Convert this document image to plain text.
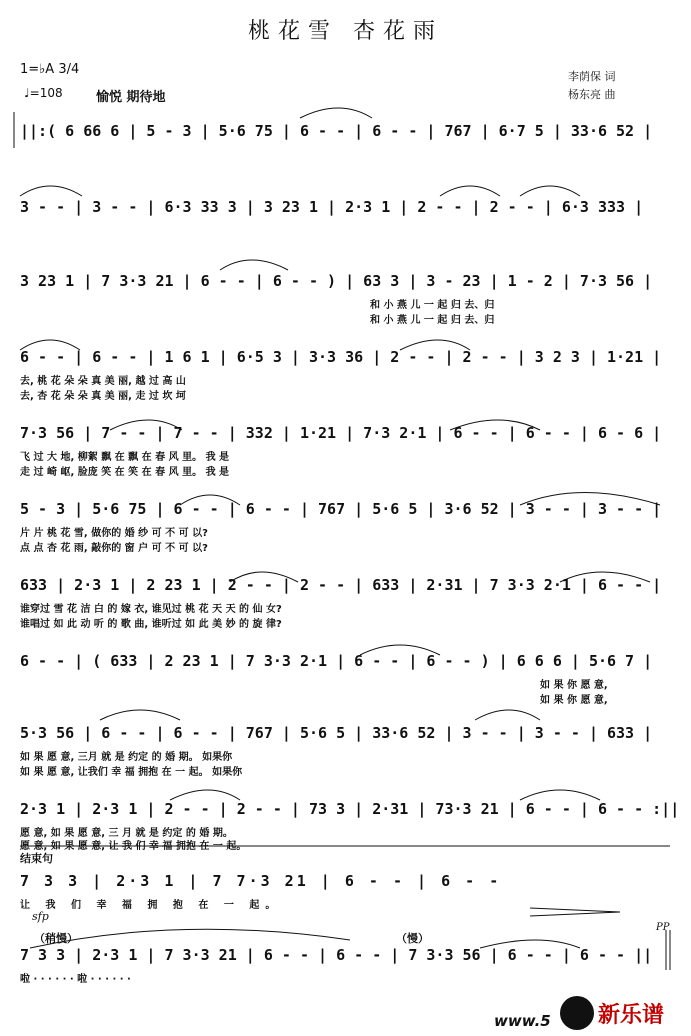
桃花雪 杏花雨
1=♭A 3/4
♩=108	愉悦 期待地
李荫保 词
杨东亮 曲
||:( 6 66 6 | 5 - 3 | 5·6 75 | 6 - - | 6 - - | 767 | 6·7 5 | 33·6 52 |
3 - - | 3 - - | 6·3 33 3 | 3 23 1 | 2·3 1 | 2 - - | 2 - - | 6·3 333 |
3 23 1 | 7 3·3 21 | 6 - - | 6 - - ) | 63 3 | 3 - 23 | 1 - 2 | 7·3 56 |
和 小 燕 儿 一 起 归 去、归
和 小 燕 儿 一 起 归 去、归
6 - - | 6 - - | 1 6 1 | 6·5 3 | 3·3 36 | 2 - - | 2 - - | 3 2 3 | 1·21 |
去, 桃 花 朵 朵 真 美 丽, 越 过 高 山
去, 杏 花 朵 朵 真 美 丽, 走 过 坎 坷
7·3 56 | 7 - - | 7 - - | 332 | 1·21 | 7·3 2·1 | 6 - - | 6 - - | 6 - 6 |
飞 过 大 地, 柳絮 飘 在 飘 在 春 风 里。 我 是
走 过 崎 岖, 脸庞 笑 在 笑 在 春 风 里。 我 是
5 - 3 | 5·6 75 | 6 - - | 6 - - | 767 | 5·6 5 | 3·6 52 | 3 - - | 3 - - |
片 片 桃 花 雪, 做你的 婚 纱 可 不 可 以?
点 点 杏 花 雨, 敲你的 窗 户 可 不 可 以?
633 | 2·3 1 | 2 23 1 | 2 - - | 2 - - | 633 | 2·31 | 7 3·3 2·1 | 6 - - |
谁穿过 雪 花 洁 白 的 嫁 衣, 谁见过 桃 花 天 天 的 仙 女?
谁唱过 如 此 动 听 的 歌 曲, 谁听过 如 此 美 妙 的 旋 律?
6 - - | ( 633 | 2 23 1 | 7 3·3 2·1 | 6 - - | 6 - - ) | 6 6 6 | 5·6 7 |
如 果 你 愿 意,
如 果 你 愿 意,
5·3 56 | 6 - - | 6 - - | 767 | 5·6 5 | 33·6 52 | 3 - - | 3 - - | 633 |
如 果 愿 意, 三月 就 是 约定 的 婚 期。 如果你
如 果 愿 意, 让我们 幸 福 拥抱 在 一 起。 如果你
2·3 1 | 2·3 1 | 2 - - | 2 - - | 73 3 | 2·31 | 73·3 21 | 6 - - | 6 - - :||
愿 意, 如 果 愿 意, 三 月 就 是 约定 的 婚 期。
愿 意, 如 果 愿 意, 让 我 们 幸 福 拥抱 在 一 起。
结束句
7 3 3 | 2·3 1 | 7 7·3 21 | 6 - - | 6 - -
让 我 们 幸 福 拥 抱 在 一 起。
sfp
PP
（稍慢）	（慢）
7 3 3 | 2·3 1 | 7 3·3 21 | 6 - - | 6 - - | 7 3·3 56 | 6 - - | 6 - - ||
啦 · · · · · · 啦 · · · · · ·
www.5 新乐谱
